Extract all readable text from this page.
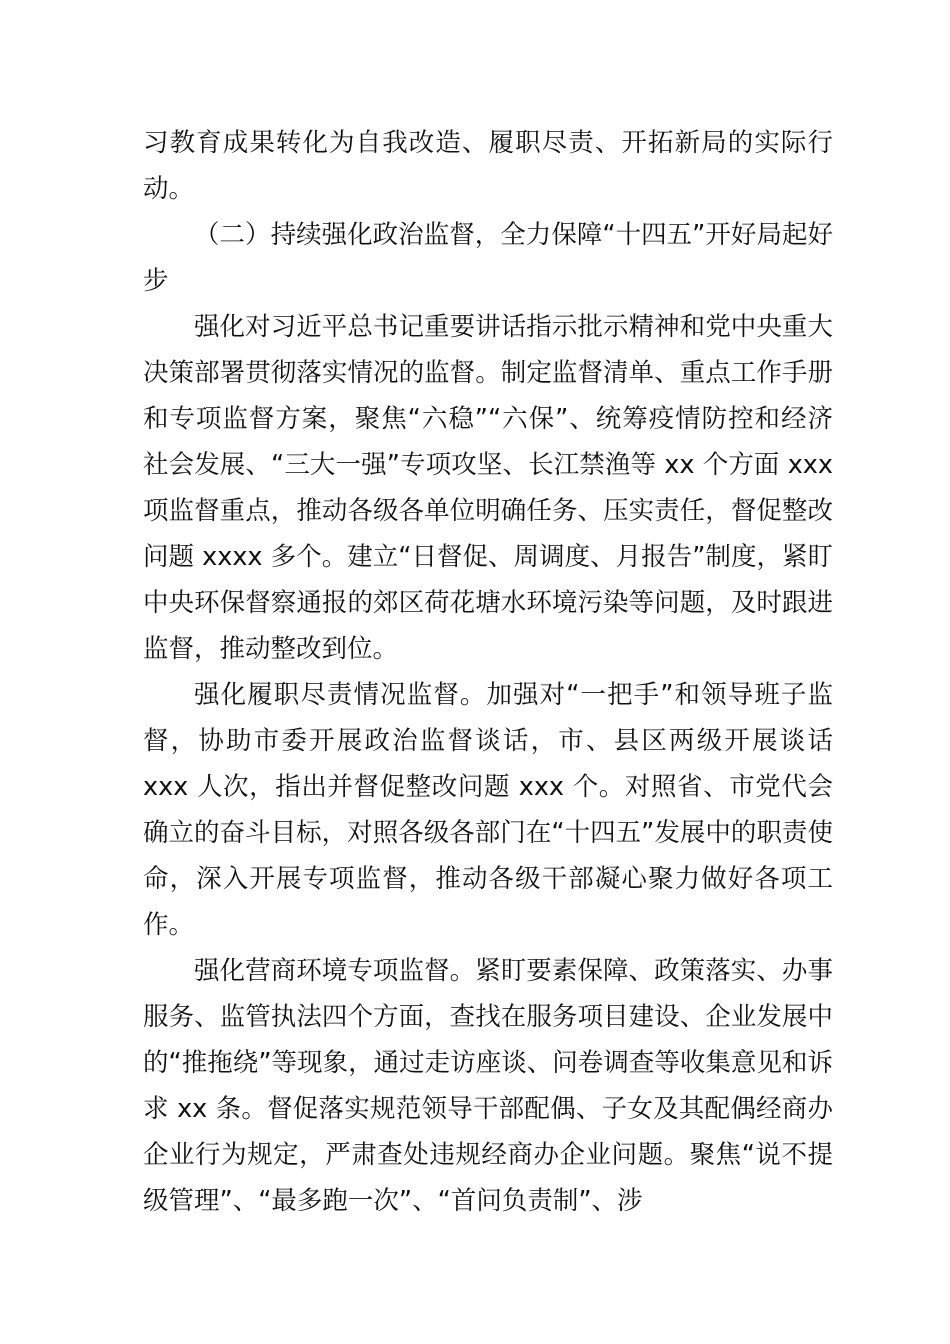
习教育成果转化为自我改造、履职尽责、开拓新局的实际行动。

（二）持续强化政治监督，全力保障“十四五”开好局起好步

强化对习近平总书记重要讲话指示批示精神和党中央重大决策部署贯彻落实情况的监督。制定监督清单、重点工作手册和专项监督方案，聚焦“六稳”“六保”、统筹疫情防控和经济社会发展、“三大一强”专项攻坚、长江禁渔等 xx 个方面 xxx 项监督重点，推动各级各单位明确任务、压实责任，督促整改问题 xxxx 多个。建立“日督促、周调度、月报告”制度，紧盯中央环保督察通报的郊区荷花塘水环境污染等问题，及时跟进监督，推动整改到位。

强化履职尽责情况监督。加强对“一把手”和领导班子监督，协助市委开展政治监督谈话，市、县区两级开展谈话 xxx 人次，指出并督促整改问题 xxx 个。对照省、市党代会确立的奋斗目标，对照各级各部门在“十四五”发展中的职责使命，深入开展专项监督，推动各级干部凝心聚力做好各项工作。

强化营商环境专项监督。紧盯要素保障、政策落实、办事服务、监管执法四个方面，查找在服务项目建设、企业发展中的“推拖绕”等现象，通过走访座谈、问卷调查等收集意见和诉求 xx 条。督促落实规范领导干部配偶、子女及其配偶经商办企业行为规定，严肃查处违规经商办企业问题。聚焦“说不提级管理”、“最多跑一次”、“首问负责制”、涉
